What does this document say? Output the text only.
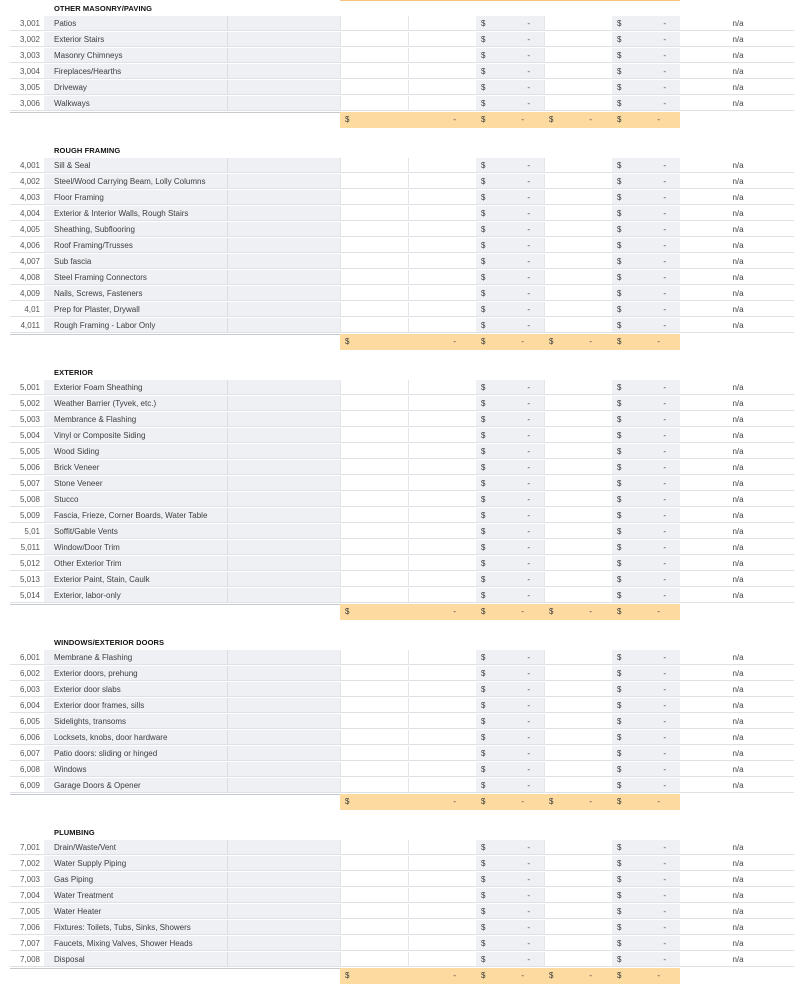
OTHER MASONRY/PAVING
3,001	Patios	$	-	$	-	n/a
3,002	Exterior Stairs	$	-	$	-	n/a
3,003	Masonry Chimneys	$	-	$	-	n/a
3,004	Fireplaces/Hearths	$	-	$	-	n/a
3,005	Driveway	$	-	$	-	n/a
3,006	Walkways	$	-	$	-	n/a
$	-	$	-	$	-	$	-
ROUGH FRAMING
4,001	Sill & Seal	$	-	$	-	n/a
4,002	Steel/Wood Carrying Beam, Lolly Columns	$	-	$	-	n/a
4,003	Floor Framing	$	-	$	-	n/a
4,004	Exterior & Interior Walls, Rough Stairs	$	-	$	-	n/a
4,005	Sheathing, Subflooring	$	-	$	-	n/a
4,006	Roof Framing/Trusses	$	-	$	-	n/a
4,007	Sub fascia	$	-	$	-	n/a
4,008	Steel Framing Connectors	$	-	$	-	n/a
4,009	Nails, Screws, Fasteners	$	-	$	-	n/a
4,01	Prep for Plaster, Drywall	$	-	$	-	n/a
4,011	Rough Framing - Labor Only	$	-	$	-	n/a
$	-	$	-	$	-	$	-
EXTERIOR
5,001	Exterior Foam Sheathing	$	-	$	-	n/a
5,002	Weather Barrier (Tyvek, etc.)	$	-	$	-	n/a
5,003	Membrance & Flashing	$	-	$	-	n/a
5,004	Vinyl or Composite Siding	$	-	$	-	n/a
5,005	Wood Siding	$	-	$	-	n/a
5,006	Brick Veneer	$	-	$	-	n/a
5,007	Stone Veneer	$	-	$	-	n/a
5,008	Stucco	$	-	$	-	n/a
5,009	Fascia, Frieze, Corner Boards, Water Table	$	-	$	-	n/a
5,01	Soffit/Gable Vents	$	-	$	-	n/a
5,011	Window/Door Trim	$	-	$	-	n/a
5,012	Other Exterior Trim	$	-	$	-	n/a
5,013	Exterior Paint, Stain, Caulk	$	-	$	-	n/a
5,014	Exterior, labor-only	$	-	$	-	n/a
$	-	$	-	$	-	$	-
WINDOWS/EXTERIOR DOORS
6,001	Membrane & Flashing	$	-	$	-	n/a
6,002	Exterior doors, prehung	$	-	$	-	n/a
6,003	Exterior door slabs	$	-	$	-	n/a
6,004	Exterior door frames, sills	$	-	$	-	n/a
6,005	Sidelights, transoms	$	-	$	-	n/a
6,006	Locksets, knobs, door hardware	$	-	$	-	n/a
6,007	Patio doors: sliding or hinged	$	-	$	-	n/a
6,008	Windows	$	-	$	-	n/a
6,009	Garage Doors & Opener	$	-	$	-	n/a
$	-	$	-	$	-	$	-
PLUMBING
7,001	Drain/Waste/Vent	$	-	$	-	n/a
7,002	Water Supply Piping	$	-	$	-	n/a
7,003	Gas Piping	$	-	$	-	n/a
7,004	Water Treatment	$	-	$	-	n/a
7,005	Water Heater	$	-	$	-	n/a
7,006	Fixtures: Toilets, Tubs, Sinks, Showers	$	-	$	-	n/a
7,007	Faucets, Mixing Valves, Shower Heads	$	-	$	-	n/a
7,008	Disposal	$	-	$	-	n/a
$	-	$	-	$	-	$	-
